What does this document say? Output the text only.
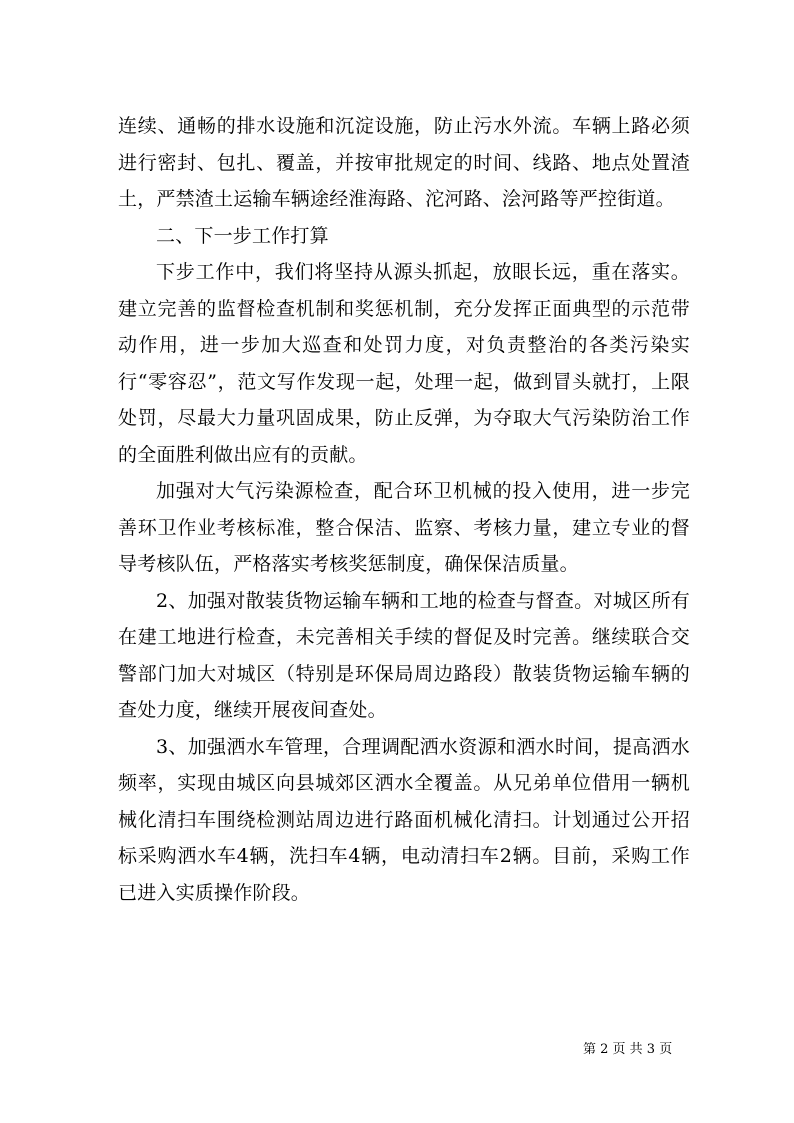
连续、通畅的排水设施和沉淀设施，防止污水外流。车辆上路必须进行密封、包扎、覆盖，并按审批规定的时间、线路、地点处置渣土，严禁渣土运输车辆途经淮海路、沱河路、浍河路等严控街道。

二、下一步工作打算

下步工作中，我们将坚持从源头抓起，放眼长远，重在落实。建立完善的监督检查机制和奖惩机制，充分发挥正面典型的示范带动作用，进一步加大巡查和处罚力度，对负责整治的各类污染实行“零容忍”，范文写作发现一起，处理一起，做到冒头就打，上限处罚，尽最大力量巩固成果，防止反弹，为夺取大气污染防治工作的全面胜利做出应有的贡献。

加强对大气污染源检查，配合环卫机械的投入使用，进一步完善环卫作业考核标准，整合保洁、监察、考核力量，建立专业的督导考核队伍，严格落实考核奖惩制度，确保保洁质量。

2、加强对散装货物运输车辆和工地的检查与督查。对城区所有在建工地进行检查，未完善相关手续的督促及时完善。继续联合交警部门加大对城区（特别是环保局周边路段）散装货物运输车辆的查处力度，继续开展夜间查处。

3、加强洒水车管理，合理调配洒水资源和洒水时间，提高洒水频率，实现由城区向县城郊区洒水全覆盖。从兄弟单位借用一辆机械化清扫车围绕检测站周边进行路面机械化清扫。计划通过公开招标采购洒水车4辆，洗扫车4辆，电动清扫车2辆。目前，采购工作已进入实质操作阶段。

第 2 页 共 3 页
